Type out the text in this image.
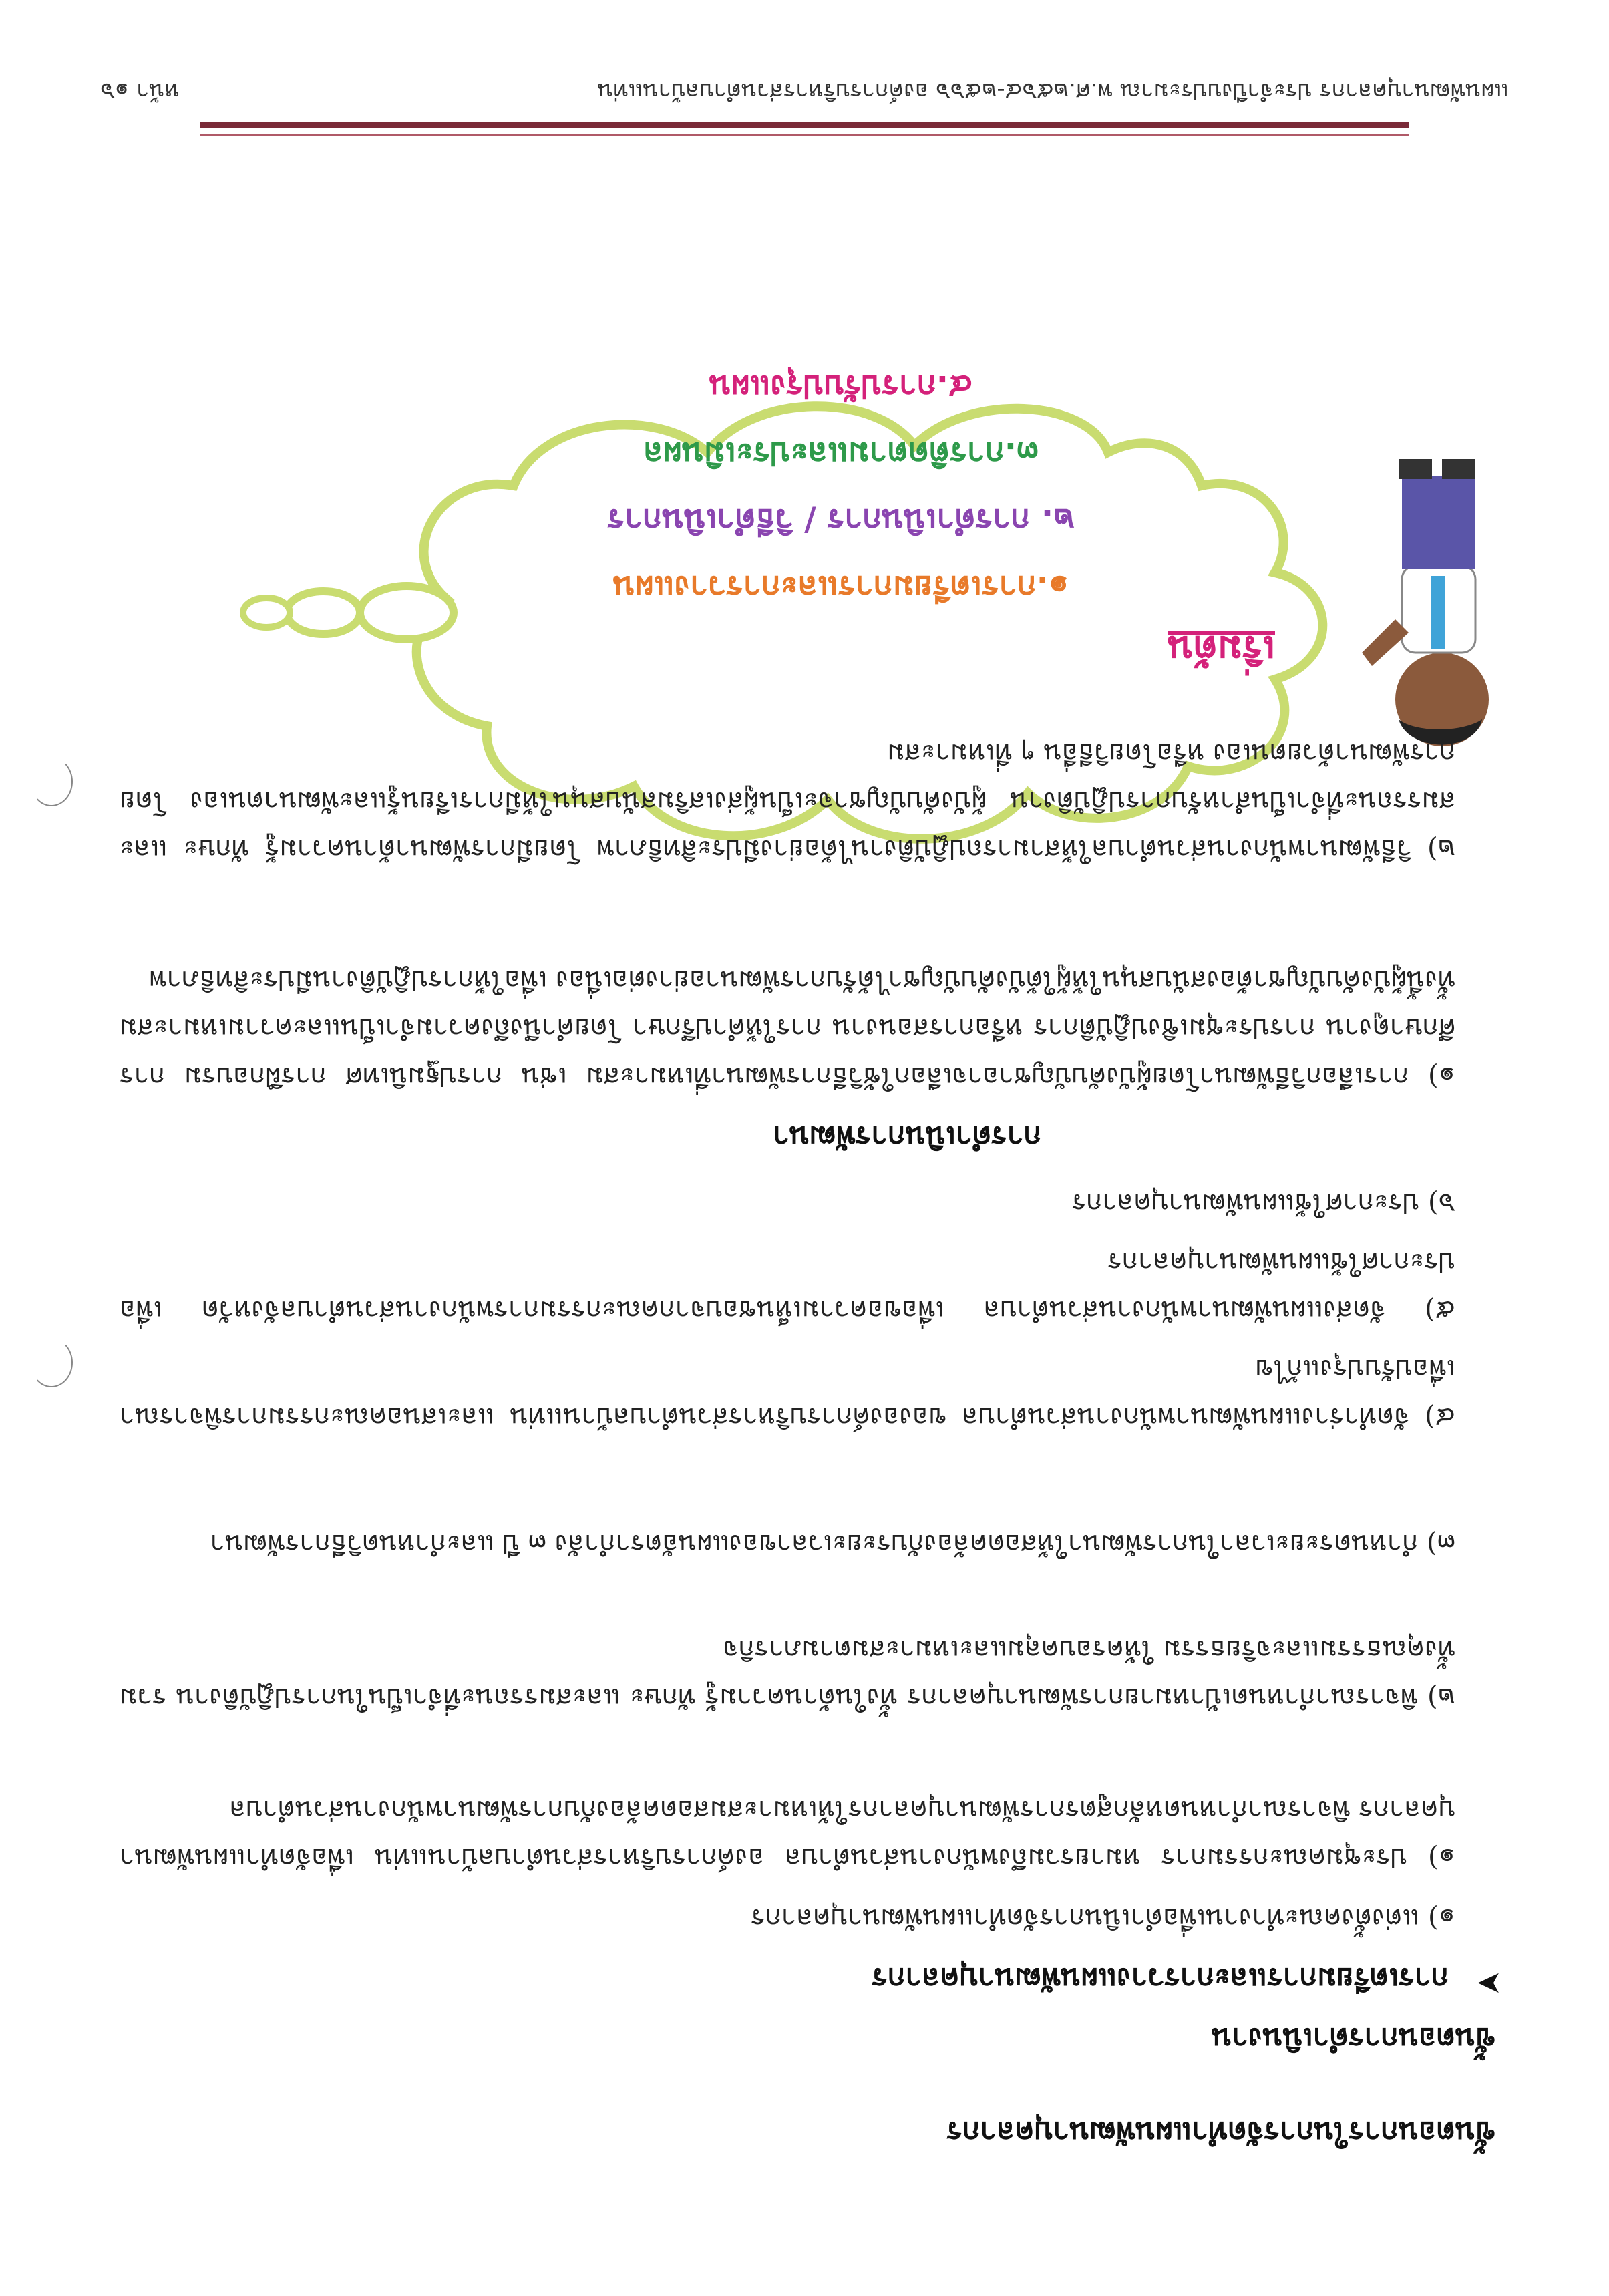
แผนพัฒนาบุคลากร ประจำปีงบประมาณ พ.ศ.๒๕๖๔-๒๕๖๖ องค์การบริหารส่วนตำบลบ้านแท่น
หน้า ๑๖
๔.การปรับปรุงแผน
๓.การติดตามและประเมินผล
๒. การดำเนินการ / วิธีดำเนินการ
๑.การเตรียมการและการวางแผน
เริ่มต้น
๒) วิธีพัฒนาพนักงานส่วนตำบลให้สามารถปฏิบัติงานได้อย่างมีประสิทธิภาพ โดยมีการพัฒนาด้านความรู้ ทักษะ และสมรรถนะที่จำเป็นสำหรับการปฏิบัติงาน ผู้บังคับบัญชาจะเป็นผู้ส่งเสริมสนับสนุนให้มีการเรียนรู้และพัฒนาตนเอง โดยการพัฒนาด้วยตนเอง หรือโดยวิธีอื่น ๆ ที่เหมาะสม
๑) การเลือกวิธีพัฒนาโดยผู้บังคับบัญชาอาจเลือกใช้วิธีการพัฒนาที่เหมาะสม เช่น การปฐมนิเทศ การฝึกอบรม การศึกษาดูงาน การประชุมเชิงปฏิบัติการ หรือการสอนงาน การให้คำปรึกษา โดยคำนึงถึงความจำเป็นและความเหมาะสม ทั้งนี้ผู้บังคับบัญชาต้องสนับสนุนให้ผู้ใต้บังคับบัญชาได้รับการพัฒนาอย่างต่อเนื่อง เพื่อให้การปฏิบัติงานมีประสิทธิภาพ
การดำเนินการพัฒนา
๖) ประกาศใช้แผนพัฒนาบุคลากร
๕) จัดส่งแผนพัฒนาพนักงานส่วนตำบล เพื่อขอความเห็นชอบจากคณะกรรมการพนักงานส่วนตำบลจังหวัด เพื่อประกาศใช้แผนพัฒนาบุคลากร
๔) จัดทำร่างแผนพัฒนาพนักงานส่วนตำบล ขององค์การบริหารส่วนตำบลบ้านแท่น และเสนอคณะกรรมการพิจารณาเพื่อปรับปรุงแก้ไข
๓) กำหนดระยะเวลาในการพัฒนาให้สอดคล้องกับระยะเวลาของแผนอัตรากำลัง ๓ ปี และกำหนดวิธีการพัฒนา
๒) พิจารณากำหนดเป้าหมายการพัฒนาบุคลากร ทั้งในด้านความรู้ ทักษะ และสมรรถนะที่จำเป็นในการปฏิบัติงาน รวมทั้งคุณธรรมและจริยธรรม ให้ครอบคลุมและเหมาะสมตามภารกิจ
๑) ประชุมคณะกรรมการ หมายรวมถึงพนักงานส่วนตำบล องค์การบริหารส่วนตำบลบ้านแท่น เพื่อจัดทำแผนพัฒนาบุคลากร พิจารณากำหนดหลักสูตรการพัฒนาบุคลากรให้เหมาะสมสอดคล้องกับการพัฒนาพนักงานส่วนตำบล
๑) แต่งตั้งคณะทำงานเพื่อดำเนินการจัดทำแผนพัฒนาบุคลากร
➤
การเตรียมการและการวางแผนพัฒนาบุคลากร
ขั้นตอนการดำเนินงาน
ขั้นตอนการในการจัดทำแผนพัฒนาบุคลากร
